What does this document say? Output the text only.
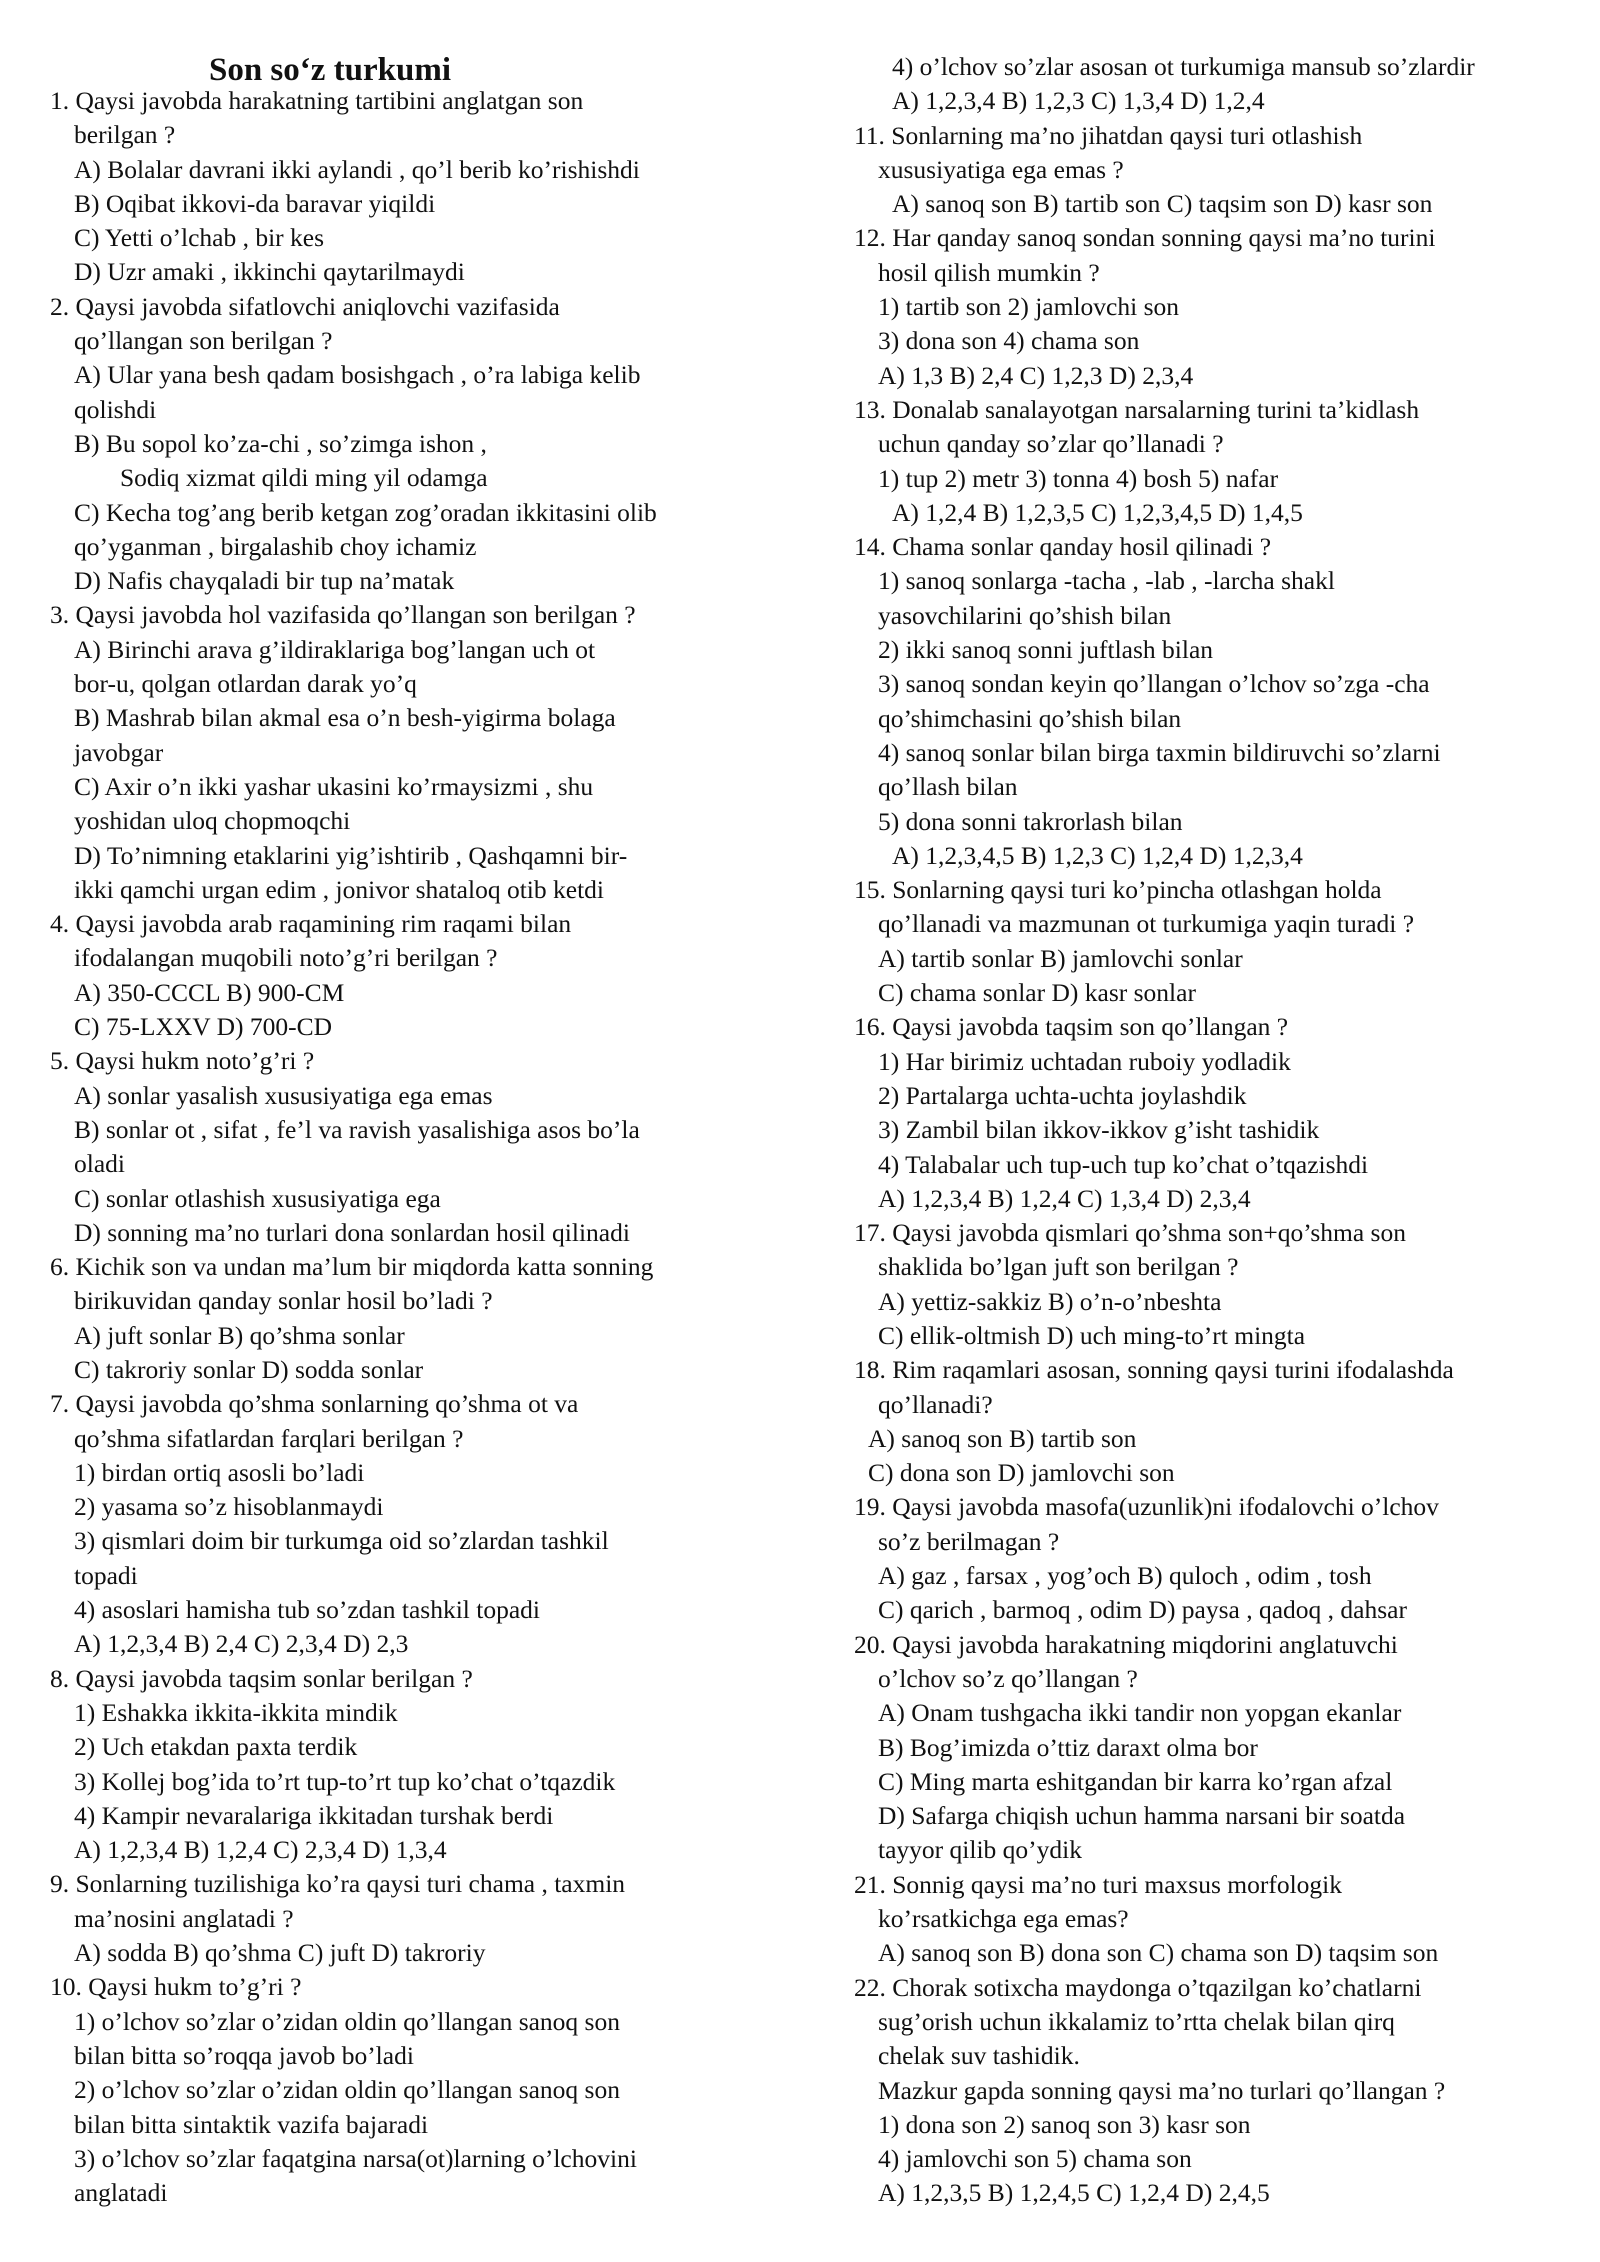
Son so‘z turkumi
1. Qaysi javobda harakatning tartibini anglatgan son
berilgan ?
A) Bolalar davrani ikki aylandi , qo’l berib ko’rishishdi
B) Oqibat ikkovi-da baravar yiqildi
C) Yetti o’lchab , bir kes
D) Uzr amaki , ikkinchi qaytarilmaydi
2. Qaysi javobda sifatlovchi aniqlovchi vazifasida
qo’llangan son berilgan ?
A) Ular yana besh qadam bosishgach , o’ra labiga kelib
qolishdi
B) Bu sopol ko’za-chi , so’zimga ishon ,
Sodiq xizmat qildi ming yil odamga
C) Kecha tog’ang berib ketgan zog’oradan ikkitasini olib
qo’yganman , birgalashib choy ichamiz
D) Nafis chayqaladi bir tup na’matak
3. Qaysi javobda hol vazifasida qo’llangan son berilgan ?
A) Birinchi arava g’ildiraklariga bog’langan uch ot
bor-u, qolgan otlardan darak yo’q
B) Mashrab bilan akmal esa o’n besh-yigirma bolaga
javobgar
C) Axir o’n ikki yashar ukasini ko’rmaysizmi , shu
yoshidan uloq chopmoqchi
D) To’nimning etaklarini yig’ishtirib , Qashqamni bir-
ikki qamchi urgan edim , jonivor shataloq otib ketdi
4. Qaysi javobda arab raqamining rim raqami bilan
ifodalangan muqobili noto’g’ri berilgan ?
A) 350-CCCL B) 900-CM
C) 75-LXXV D) 700-CD
5. Qaysi hukm noto’g’ri ?
A) sonlar yasalish xususiyatiga ega emas
B) sonlar ot , sifat , fe’l va ravish yasalishiga asos bo’la
oladi
C) sonlar otlashish xususiyatiga ega
D) sonning ma’no turlari dona sonlardan hosil qilinadi
6. Kichik son va undan ma’lum bir miqdorda katta sonning
birikuvidan qanday sonlar hosil bo’ladi ?
A) juft sonlar B) qo’shma sonlar
C) takroriy sonlar D) sodda sonlar
7. Qaysi javobda qo’shma sonlarning qo’shma ot va
qo’shma sifatlardan farqlari berilgan ?
1) birdan ortiq asosli bo’ladi
2) yasama so’z hisoblanmaydi
3) qismlari doim bir turkumga oid so’zlardan tashkil
topadi
4) asoslari hamisha tub so’zdan tashkil topadi
A) 1,2,3,4 B) 2,4 C) 2,3,4 D) 2,3
8. Qaysi javobda taqsim sonlar berilgan ?
1) Eshakka ikkita-ikkita mindik
2) Uch etakdan paxta terdik
3) Kollej bog’ida to’rt tup-to’rt tup ko’chat o’tqazdik
4) Kampir nevaralariga ikkitadan turshak berdi
A) 1,2,3,4 B) 1,2,4 C) 2,3,4 D) 1,3,4
9. Sonlarning tuzilishiga ko’ra qaysi turi chama , taxmin
ma’nosini anglatadi ?
A) sodda B) qo’shma C) juft D) takroriy
10. Qaysi hukm to’g’ri ?
1) o’lchov so’zlar o’zidan oldin qo’llangan sanoq son
bilan bitta so’roqqa javob bo’ladi
2) o’lchov so’zlar o’zidan oldin qo’llangan sanoq son
bilan bitta sintaktik vazifa bajaradi
3) o’lchov so’zlar faqatgina narsa(ot)larning o’lchovini
anglatadi
4) o’lchov so’zlar asosan ot turkumiga mansub so’zlardir
A) 1,2,3,4 B) 1,2,3 C) 1,3,4 D) 1,2,4
11. Sonlarning ma’no jihatdan qaysi turi otlashish
xususiyatiga ega emas ?
A) sanoq son B) tartib son C) taqsim son D) kasr son
12. Har qanday sanoq sondan sonning qaysi ma’no turini
hosil qilish mumkin ?
1) tartib son 2) jamlovchi son
3) dona son 4) chama son
A) 1,3 B) 2,4 C) 1,2,3 D) 2,3,4
13. Donalab sanalayotgan narsalarning turini ta’kidlash
uchun qanday so’zlar qo’llanadi ?
1) tup 2) metr 3) tonna 4) bosh 5) nafar
A) 1,2,4 B) 1,2,3,5 C) 1,2,3,4,5 D) 1,4,5
14. Chama sonlar qanday hosil qilinadi ?
1) sanoq sonlarga -tacha , -lab , -larcha shakl
yasovchilarini qo’shish bilan
2) ikki sanoq sonni juftlash bilan
3) sanoq sondan keyin qo’llangan o’lchov so’zga -cha
qo’shimchasini qo’shish bilan
4) sanoq sonlar bilan birga taxmin bildiruvchi so’zlarni
qo’llash bilan
5) dona sonni takrorlash bilan
A) 1,2,3,4,5 B) 1,2,3 C) 1,2,4 D) 1,2,3,4
15. Sonlarning qaysi turi ko’pincha otlashgan holda
qo’llanadi va mazmunan ot turkumiga yaqin turadi ?
A) tartib sonlar B) jamlovchi sonlar
C) chama sonlar D) kasr sonlar
16. Qaysi javobda taqsim son qo’llangan ?
1) Har birimiz uchtadan ruboiy yodladik
2) Partalarga uchta-uchta joylashdik
3) Zambil bilan ikkov-ikkov g’isht tashidik
4) Talabalar uch tup-uch tup ko’chat o’tqazishdi
A) 1,2,3,4 B) 1,2,4 C) 1,3,4 D) 2,3,4
17. Qaysi javobda qismlari qo’shma son+qo’shma son
shaklida bo’lgan juft son berilgan ?
A) yettiz-sakkiz B) o’n-o’nbeshta
C) ellik-oltmish D) uch ming-to’rt mingta
18. Rim raqamlari asosan, sonning qaysi turini ifodalashda
qo’llanadi?
A) sanoq son B) tartib son
C) dona son D) jamlovchi son
19. Qaysi javobda masofa(uzunlik)ni ifodalovchi o’lchov
so’z berilmagan ?
A) gaz , farsax , yog’och B) quloch , odim , tosh
C) qarich , barmoq , odim D) paysa , qadoq , dahsar
20. Qaysi javobda harakatning miqdorini anglatuvchi
o’lchov so’z qo’llangan ?
A) Onam tushgacha ikki tandir non yopgan ekanlar
B) Bog’imizda o’ttiz daraxt olma bor
C) Ming marta eshitgandan bir karra ko’rgan afzal
D) Safarga chiqish uchun hamma narsani bir soatda
tayyor qilib qo’ydik
21. Sonnig qaysi ma’no turi maxsus morfologik
ko’rsatkichga ega emas?
A) sanoq son B) dona son C) chama son D) taqsim son
22. Chorak sotixcha maydonga o’tqazilgan ko’chatlarni
sug’orish uchun ikkalamiz to’rtta chelak bilan qirq
chelak suv tashidik.
Mazkur gapda sonning qaysi ma’no turlari qo’llangan ?
1) dona son 2) sanoq son 3) kasr son
4) jamlovchi son 5) chama son
A) 1,2,3,5 B) 1,2,4,5 C) 1,2,4 D) 2,4,5
